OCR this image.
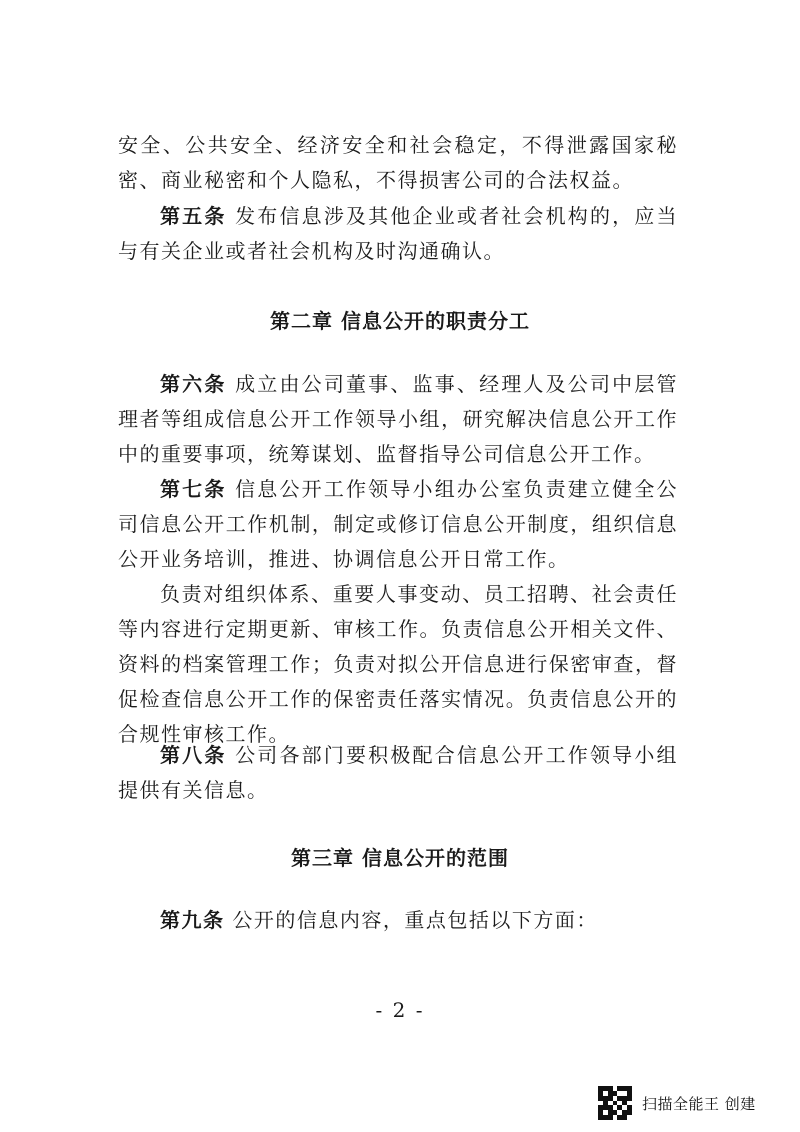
安全、公共安全、经济安全和社会稳定，不得泄露国家秘密、商业秘密和个人隐私，不得损害公司的合法权益。

第五条 发布信息涉及其他企业或者社会机构的，应当与有关企业或者社会机构及时沟通确认。

第二章 信息公开的职责分工

第六条 成立由公司董事、监事、经理人及公司中层管理者等组成信息公开工作领导小组，研究解决信息公开工作中的重要事项，统筹谋划、监督指导公司信息公开工作。

第七条 信息公开工作领导小组办公室负责建立健全公司信息公开工作机制，制定或修订信息公开制度，组织信息公开业务培训，推进、协调信息公开日常工作。

负责对组织体系、重要人事变动、员工招聘、社会责任等内容进行定期更新、审核工作。负责信息公开相关文件、资料的档案管理工作；负责对拟公开信息进行保密审查，督促检查信息公开工作的保密责任落实情况。负责信息公开的合规性审核工作。

第八条 公司各部门要积极配合信息公开工作领导小组提供有关信息。

第三章 信息公开的范围

第九条 公开的信息内容，重点包括以下方面：

- 2 -
扫描全能王 创建
